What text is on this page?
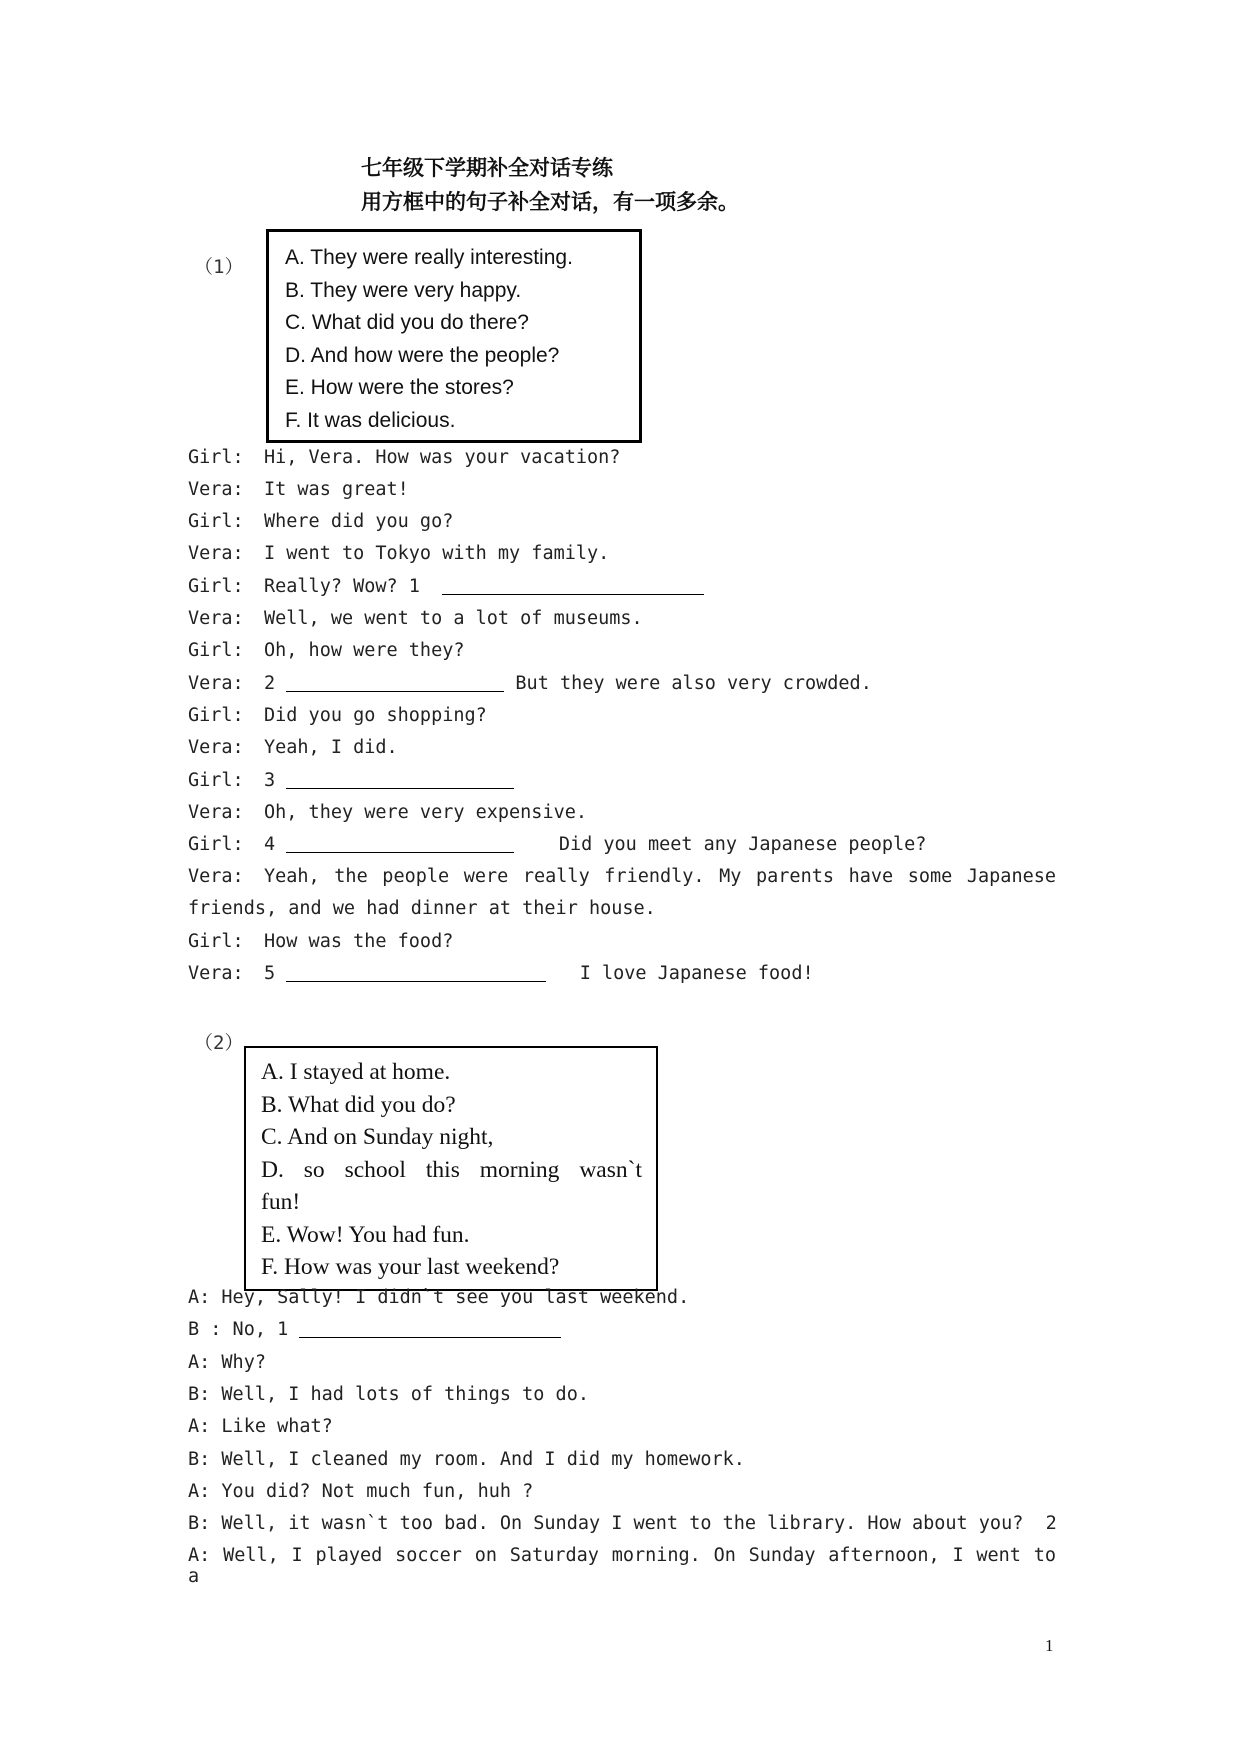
七年级下学期补全对话专练
用方框中的句子补全对话，有一项多余。
（1） A. They were really interesting.
B. They were very happy.
C. What did you do there?
D. And how were the people?
E. How were the stores?
F. It was delicious.
Girl: Hi, Vera. How was your vacation?
Vera: It was great!
Girl: Where did you go?
Vera: I went to Tokyo with my family.
Girl: Really? Wow? 1
Vera: Well, we went to a lot of museums.
Girl: Oh, how were they?
Vera: 2	But they were also very crowded.
Girl: Did you go shopping?
Vera: Yeah, I did.
Girl: 3
Vera: Oh, they were very expensive.
Girl: 4	Did you meet any Japanese people?
Vera: Yeah, the people were really friendly. My parents have some Japanese
friends, and we had dinner at their house.
Girl: How was the food?
Vera: 5	I love Japanese food!
（2）
A. I stayed at home.
B. What did you do?
C. And on Sunday night,
D. so school this morning wasn`t
fun!
E. Wow! You had fun.
F. How was your last weekend?
A: Hey, Sally! I didn`t see you last weekend.
B : No, 1
A: Why?
B: Well, I had lots of things to do.
A: Like what?
B: Well, I cleaned my room. And I did my homework.
A: You did? Not much fun, huh ?
B: Well, it wasn`t too bad. On Sunday I went to the library. How about you?  2
A: Well, I played soccer on Saturday morning. On Sunday afternoon, I went to a
1
